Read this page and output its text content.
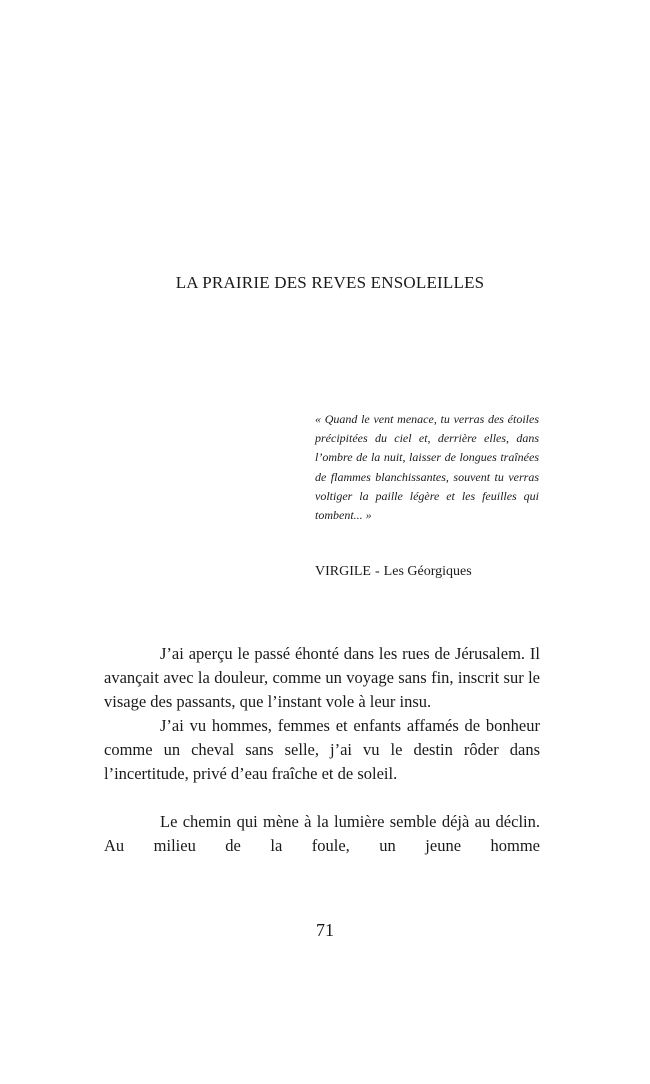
LA PRAIRIE DES REVES ENSOLEILLES
« Quand le vent menace, tu verras des étoiles précipitées du ciel et, derrière elles, dans l’ombre de la nuit, laisser de longues traînées de flammes blanchissantes, souvent tu verras voltiger la paille légère et les feuilles qui tombent... »
VIRGILE - Les Géorgiques

J’ai aperçu le passé éhonté dans les rues de Jérusalem. Il avançait avec la douleur, comme un voyage sans fin, inscrit sur le visage des passants, que l’instant vole à leur insu.

J’ai vu hommes, femmes et enfants affamés de bonheur comme un cheval sans selle, j’ai vu le destin rôder dans l’incertitude, privé d’eau fraîche et de soleil.

Le chemin qui mène à la lumière semble déjà au déclin. Au milieu de la foule, un jeune homme

71
